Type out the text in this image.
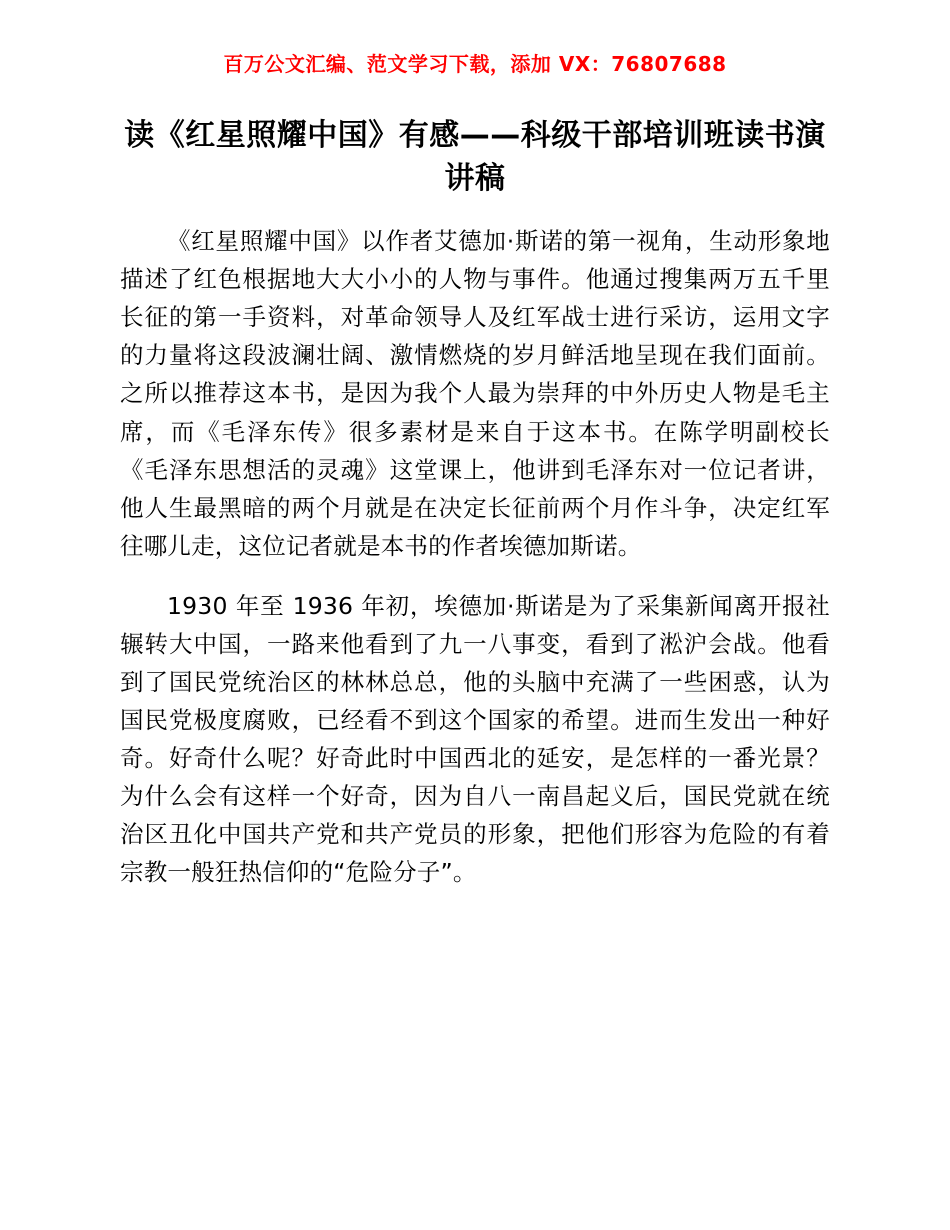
百万公文汇编、范文学习下载，添加 VX：76807688
读《红星照耀中国》有感——科级干部培训班读书演讲稿

《红星照耀中国》以作者艾德加·斯诺的第一视角，生动形象地描述了红色根据地大大小小的人物与事件。他通过搜集两万五千里长征的第一手资料，对革命领导人及红军战士进行采访，运用文字的力量将这段波澜壮阔、激情燃烧的岁月鲜活地呈现在我们面前。之所以推荐这本书，是因为我个人最为崇拜的中外历史人物是毛主席，而《毛泽东传》很多素材是来自于这本书。在陈学明副校长《毛泽东思想活的灵魂》这堂课上，他讲到毛泽东对一位记者讲，他人生最黑暗的两个月就是在决定长征前两个月作斗争，决定红军往哪儿走，这位记者就是本书的作者埃德加斯诺。

1930 年至 1936 年初，埃德加·斯诺是为了采集新闻离开报社辗转大中国，一路来他看到了九一八事变，看到了淞沪会战。他看到了国民党统治区的林林总总，他的头脑中充满了一些困惑，认为国民党极度腐败，已经看不到这个国家的希望。进而生发出一种好奇。好奇什么呢？好奇此时中国西北的延安，是怎样的一番光景？为什么会有这样一个好奇，因为自八一南昌起义后，国民党就在统治区丑化中国共产党和共产党员的形象，把他们形容为危险的有着宗教一般狂热信仰的“危险分子”。
